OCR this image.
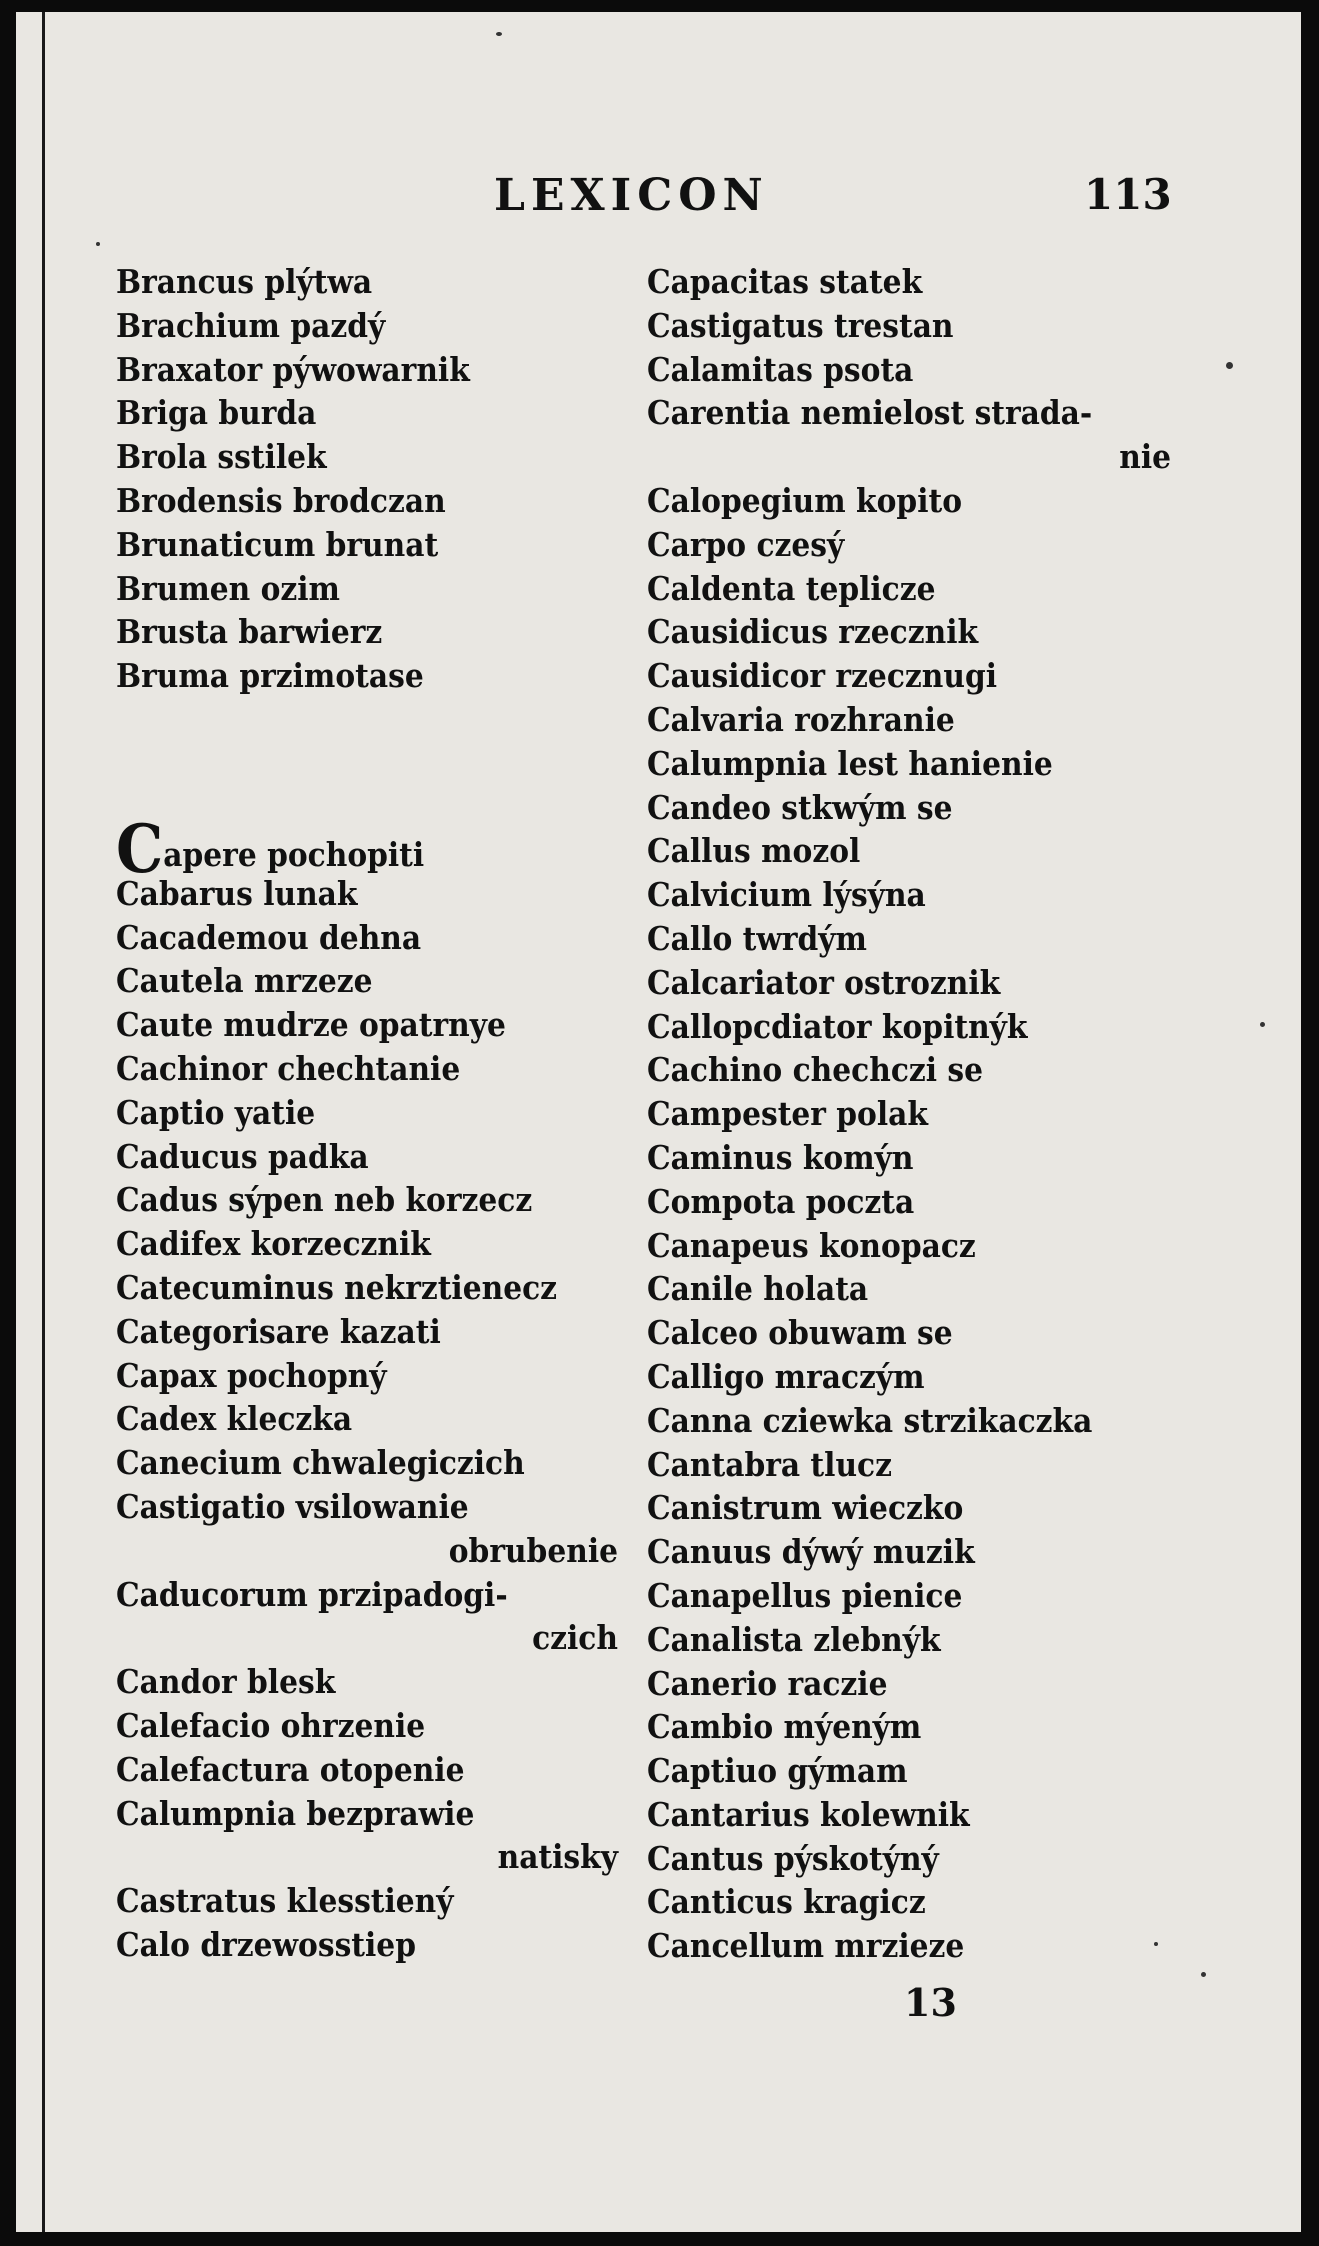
LEXICON	113
Brancus plýtwa
Brachium pazdý
Braxator pýwowarnik
Briga burda
Brola sstilek
Brodensis brodczan
Brunaticum brunat
Brumen ozim
Brusta barwierz
Bruma przimotase
Capere pochopiti
Cabarus lunak
Cacademou dehna
Cautela mrzeze
Caute mudrze opatrnye
Cachinor chechtanie
Captio yatie
Caducus padka
Cadus sýpen neb korzecz
Cadifex korzecznik
Catecuminus nekrztienecz
Categorisare kazati
Capax pochopný
Cadex kleczka
Canecium chwalegiczich
Castigatio vsilowanie
obrubenie
Caducorum przipadogi-
czich
Candor blesk
Calefacio ohrzenie
Calefactura otopenie
Calumpnia bezprawie
natisky
Castratus klesstiený
Calo drzewosstiep
Capacitas statek
Castigatus trestan
Calamitas psota
Carentia nemielost strada-
nie
Calopegium kopito
Carpo czesý
Caldenta teplicze
Causidicus rzecznik
Causidicor rzecznugi
Calvaria rozhranie
Calumpnia lest hanienie
Candeo stkwým se
Callus mozol
Calvicium lýsýna
Callo twrdým
Calcariator ostroznik
Callopcdiator kopitnýk
Cachino chechczi se
Campester polak
Caminus komýn
Compota poczta
Canapeus konopacz
Canile holata
Calceo obuwam se
Calligo mraczým
Canna cziewka strzikaczka
Cantabra tlucz
Canistrum wieczko
Canuus dýwý muzik
Canapellus pienice
Canalista zlebnýk
Canerio raczie
Cambio mýeným
Captiuo gýmam
Cantarius kolewnik
Cantus pýskotýný
Canticus kragicz
Cancellum mrzieze
13
